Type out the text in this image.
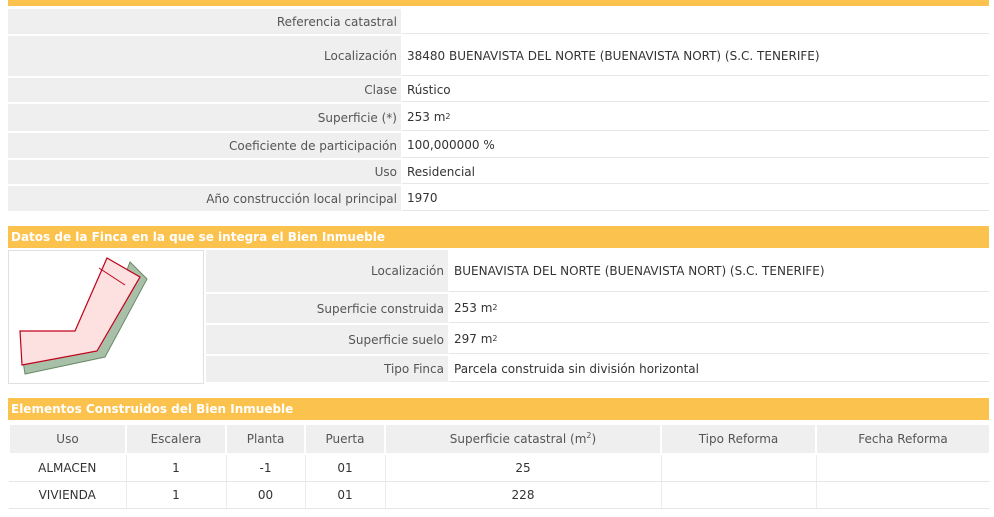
Referencia catastral
Localización 38480 BUENAVISTA DEL NORTE (BUENAVISTA NORT) (S.C. TENERIFE)
Clase Rústico
Superficie (*) 253 m 2
Coeficiente de participación 100,000000 %
Uso Residencial
Año construcción local principal 1970
Datos de la Finca en la que se integra el Bien Inmueble
Localización BUENAVISTA DEL NORTE (BUENAVISTA NORT) (S.C. TENERIFE)
Superficie construida 253 m 2
Superficie suelo 297 m 2
Tipo Finca Parcela construida sin división horizontal
Elementos Construidos del Bien Inmueble
Uso	Escalera	Planta	Puerta	Superficie catastral $(m^2)$	Tipo Reforma	Fecha Reforma
ALMACEN	1	-1	01	25		
VIVIENDA	1	00	01	228		
